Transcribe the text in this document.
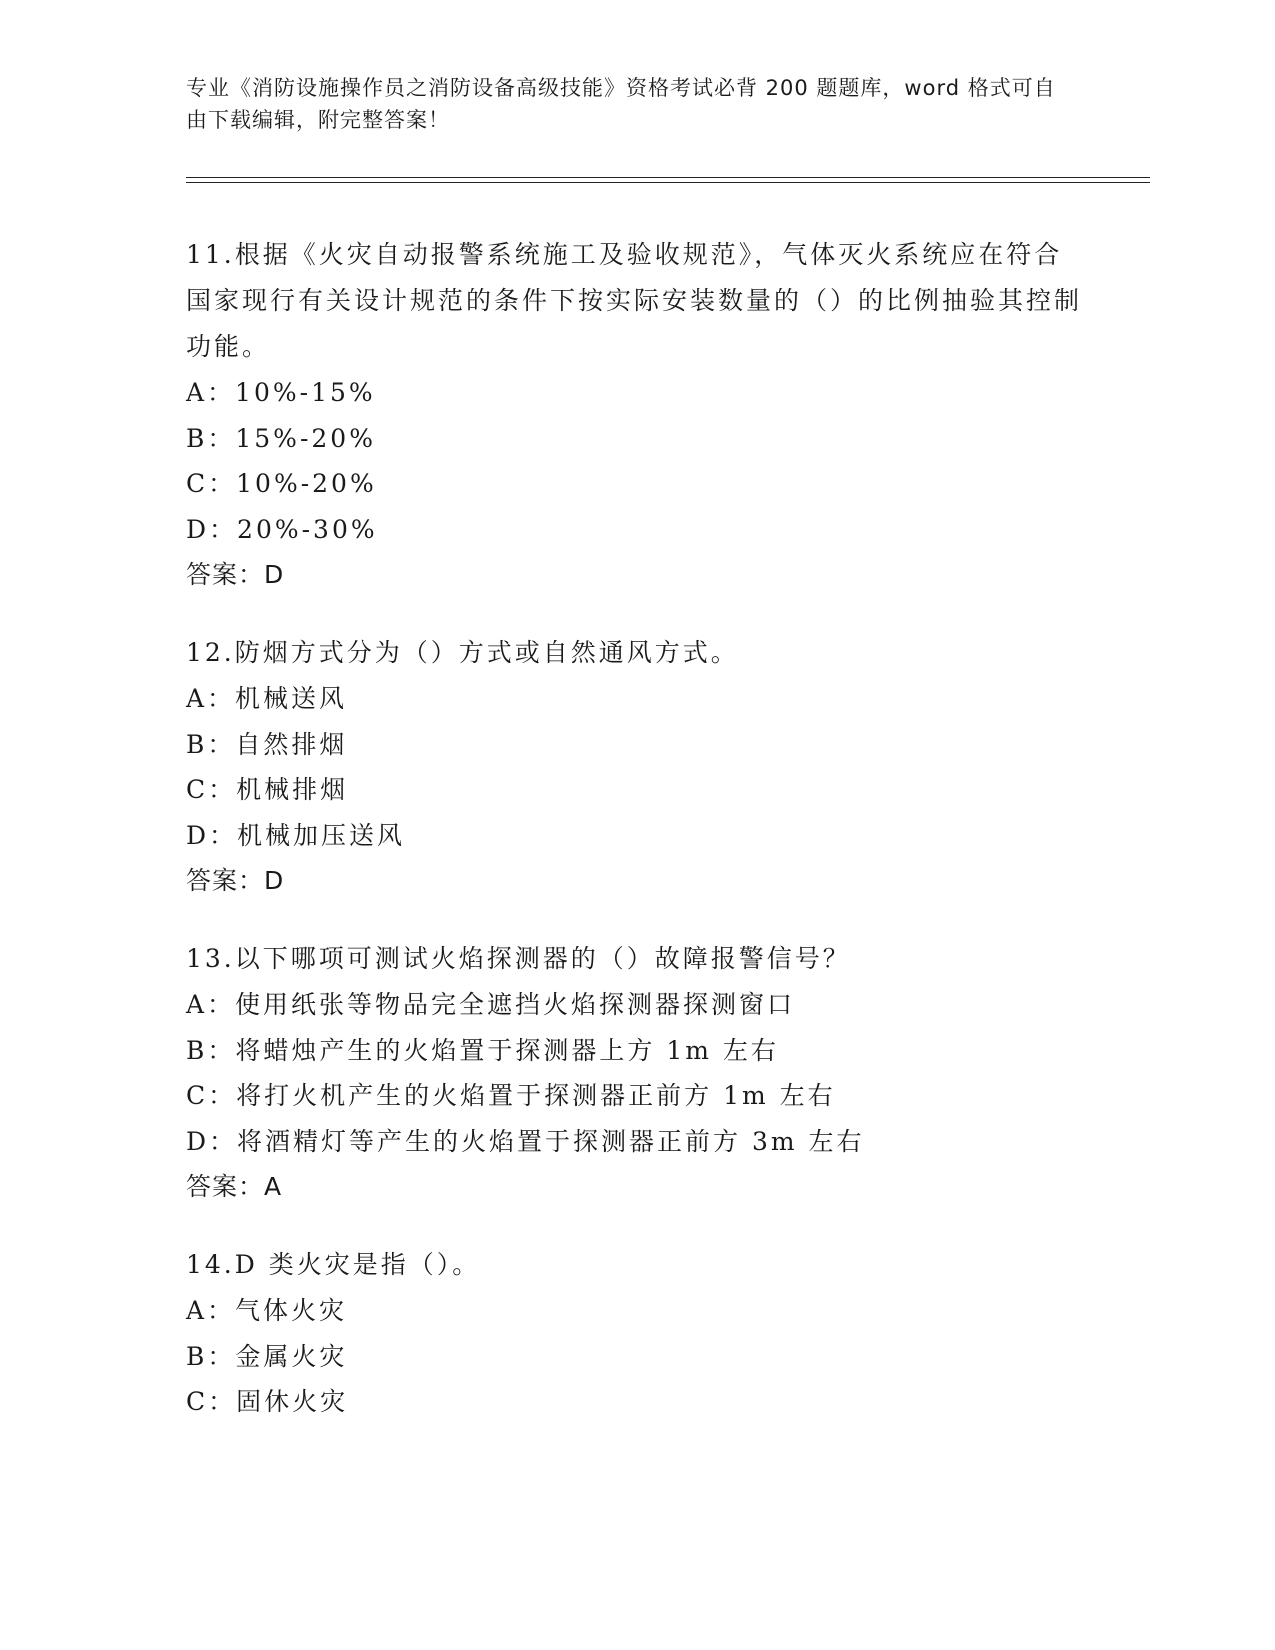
专业《消防设施操作员之消防设备高级技能》资格考试必背 200 题题库，word 格式可自由下载编辑，附完整答案！
11.根据《火灾自动报警系统施工及验收规范》，气体灭火系统应在符合国家现行有关设计规范的条件下按实际安装数量的（）的比例抽验其控制功能。
A：10%-15%
B：15%-20%
C：10%-20%
D：20%-30%
答案：D
12.防烟方式分为（）方式或自然通风方式。
A：机械送风
B：自然排烟
C：机械排烟
D：机械加压送风
答案：D
13.以下哪项可测试火焰探测器的（）故障报警信号？
A：使用纸张等物品完全遮挡火焰探测器探测窗口
B：将蜡烛产生的火焰置于探测器上方 1m 左右
C：将打火机产生的火焰置于探测器正前方 1m 左右
D：将酒精灯等产生的火焰置于探测器正前方 3m 左右
答案：A
14.D 类火灾是指（）。
A：气体火灾
B：金属火灾
C：固休火灾
